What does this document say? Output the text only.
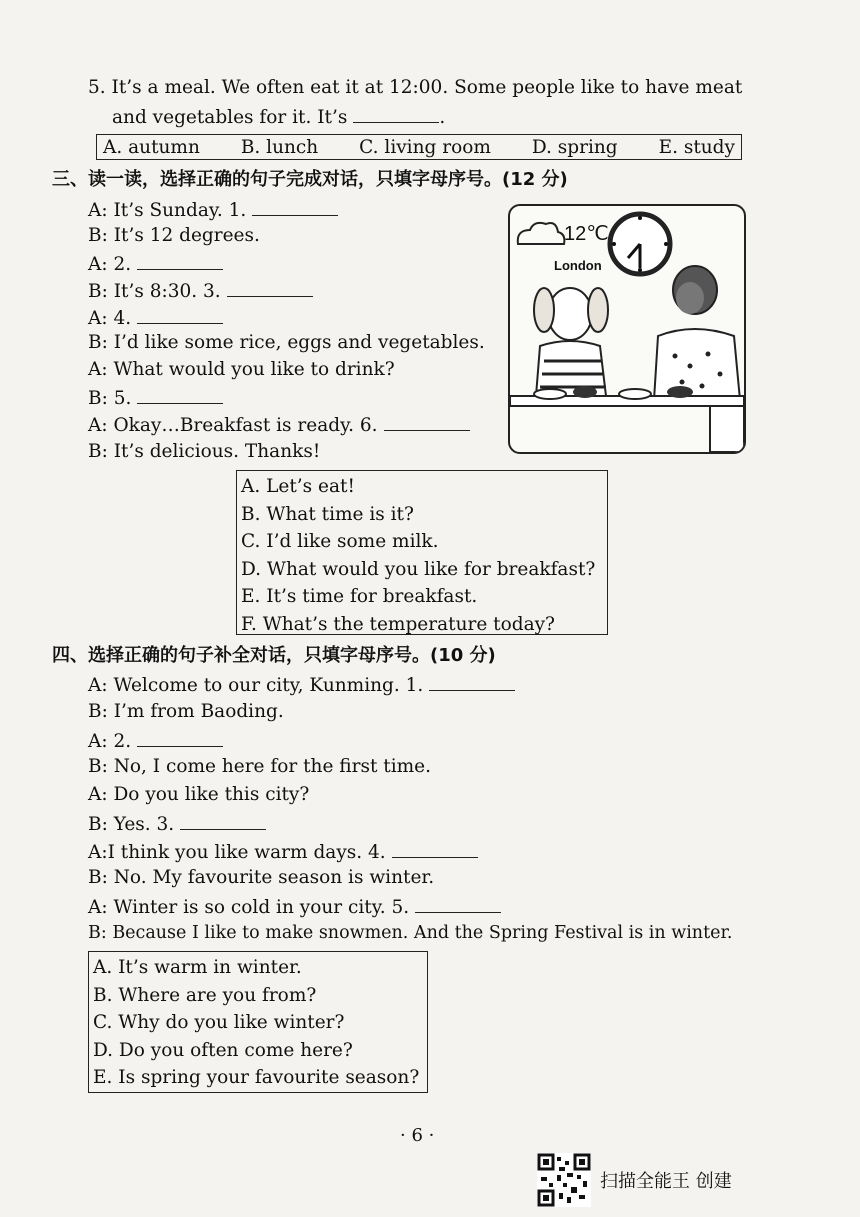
5. It’s a meal. We often eat it at 12:00. Some people like to have meat
and vegetables for it. It’s	.
A. autumn B. lunch C. living room D. spring E. study
三、读一读，选择正确的句子完成对话，只填字母序号。(12 分)
A: It’s Sunday. 1.
B: It’s 12 degrees.
A: 2.
B: It’s 8:30. 3.
A: 4.
B: I’d like some rice, eggs and vegetables.
A: What would you like to drink?
B: 5.
A: Okay…Breakfast is ready. 6.
B: It’s delicious. Thanks!
12℃
London
A. Let’s eat!
B. What time is it?
C. I’d like some milk.
D. What would you like for breakfast?
E. It’s time for breakfast.
F. What’s the temperature today?
四、选择正确的句子补全对话，只填字母序号。(10 分)
A: Welcome to our city, Kunming. 1.
B: I’m from Baoding.
A: 2.
B: No, I come here for the first time.
A: Do you like this city?
B: Yes. 3.
A:I think you like warm days. 4.
B: No. My favourite season is winter.
A: Winter is so cold in your city. 5.
B: Because I like to make snowmen. And the Spring Festival is in winter.
A. It’s warm in winter.
B. Where are you from?
C. Why do you like winter?
D. Do you often come here?
E. Is spring your favourite season?
· 6 ·
扫描全能王 创建
